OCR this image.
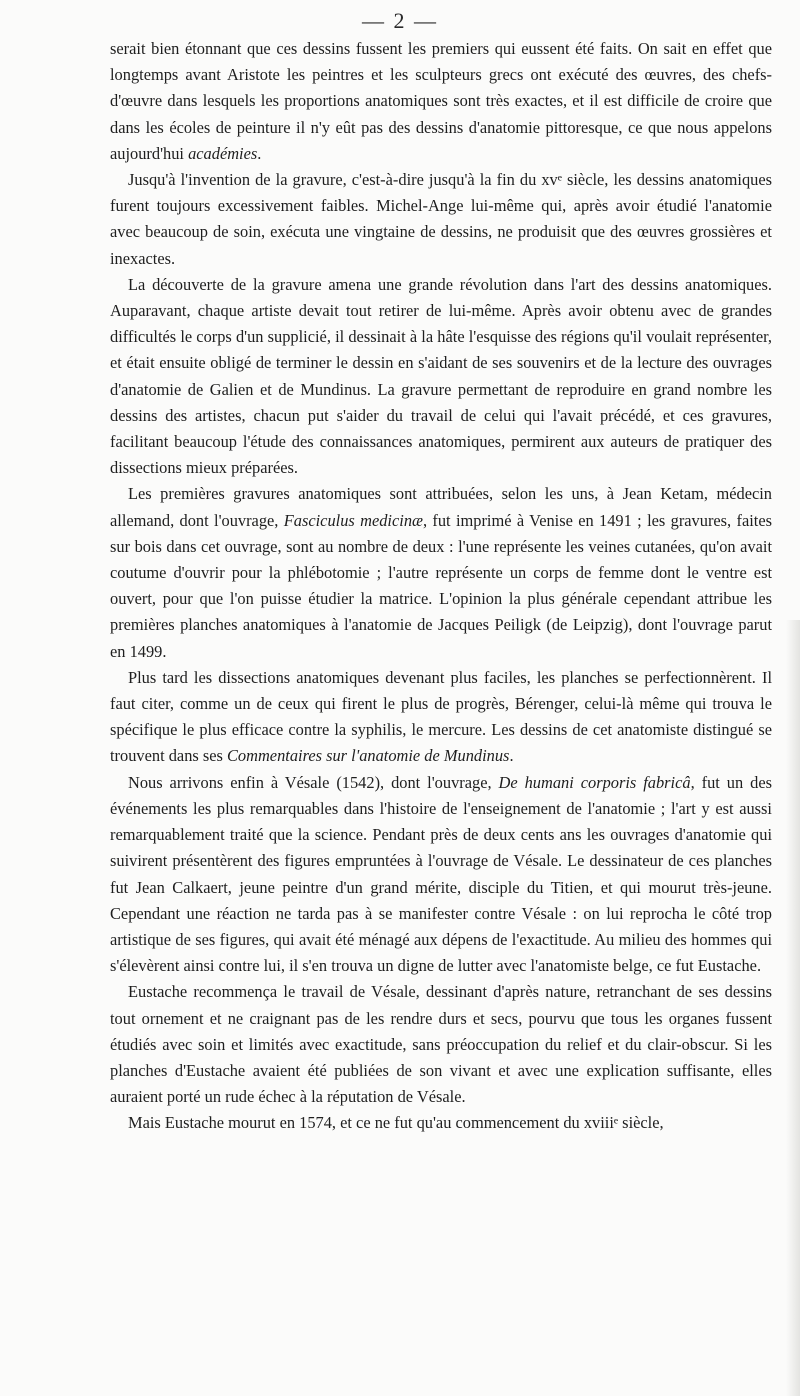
— 2 —

serait bien étonnant que ces dessins fussent les premiers qui eussent été faits. On sait en effet que longtemps avant Aristote les peintres et les sculpteurs grecs ont exécuté des œuvres, des chefs-d'œuvre dans lesquels les proportions anatomiques sont très exactes, et il est difficile de croire que dans les écoles de peinture il n'y eût pas des dessins d'anatomie pittoresque, ce que nous appelons aujourd'hui académies.

Jusqu'à l'invention de la gravure, c'est-à-dire jusqu'à la fin du xvᵉ siècle, les dessins anatomiques furent toujours excessivement faibles. Michel-Ange lui-même qui, après avoir étudié l'anatomie avec beaucoup de soin, exécuta une vingtaine de dessins, ne produisit que des œuvres grossières et inexactes.

La découverte de la gravure amena une grande révolution dans l'art des dessins anatomiques. Auparavant, chaque artiste devait tout retirer de lui-même. Après avoir obtenu avec de grandes difficultés le corps d'un supplicié, il dessinait à la hâte l'esquisse des régions qu'il voulait représenter, et était ensuite obligé de terminer le dessin en s'aidant de ses souvenirs et de la lecture des ouvrages d'anatomie de Galien et de Mundinus. La gravure permettant de reproduire en grand nombre les dessins des artistes, chacun put s'aider du travail de celui qui l'avait précédé, et ces gravures, facilitant beaucoup l'étude des connaissances anatomiques, permirent aux auteurs de pratiquer des dissections mieux préparées.

Les premières gravures anatomiques sont attribuées, selon les uns, à Jean Ketam, médecin allemand, dont l'ouvrage, Fasciculus medicinæ, fut imprimé à Venise en 1491 ; les gravures, faites sur bois dans cet ouvrage, sont au nombre de deux : l'une représente les veines cutanées, qu'on avait coutume d'ouvrir pour la phlébotomie ; l'autre représente un corps de femme dont le ventre est ouvert, pour que l'on puisse étudier la matrice. L'opinion la plus générale cependant attribue les premières planches anatomiques à l'anatomie de Jacques Peiligk (de Leipzig), dont l'ouvrage parut en 1499.

Plus tard les dissections anatomiques devenant plus faciles, les planches se perfectionnèrent. Il faut citer, comme un de ceux qui firent le plus de progrès, Bérenger, celui-là même qui trouva le spécifique le plus efficace contre la syphilis, le mercure. Les dessins de cet anatomiste distingué se trouvent dans ses Commentaires sur l'anatomie de Mundinus.

Nous arrivons enfin à Vésale (1542), dont l'ouvrage, De humani corporis fabricâ, fut un des événements les plus remarquables dans l'histoire de l'enseignement de l'anatomie ; l'art y est aussi remarquablement traité que la science. Pendant près de deux cents ans les ouvrages d'anatomie qui suivirent présentèrent des figures empruntées à l'ouvrage de Vésale. Le dessinateur de ces planches fut Jean Calkaert, jeune peintre d'un grand mérite, disciple du Titien, et qui mourut très-jeune. Cependant une réaction ne tarda pas à se manifester contre Vésale : on lui reprocha le côté trop artistique de ses figures, qui avait été ménagé aux dépens de l'exactitude. Au milieu des hommes qui s'élevèrent ainsi contre lui, il s'en trouva un digne de lutter avec l'anatomiste belge, ce fut Eustache.

Eustache recommença le travail de Vésale, dessinant d'après nature, retranchant de ses dessins tout ornement et ne craignant pas de les rendre durs et secs, pourvu que tous les organes fussent étudiés avec soin et limités avec exactitude, sans préoccupation du relief et du clair-obscur. Si les planches d'Eustache avaient été publiées de son vivant et avec une explication suffisante, elles auraient porté un rude échec à la réputation de Vésale.

Mais Eustache mourut en 1574, et ce ne fut qu'au commencement du xviiiᵉ siècle,
